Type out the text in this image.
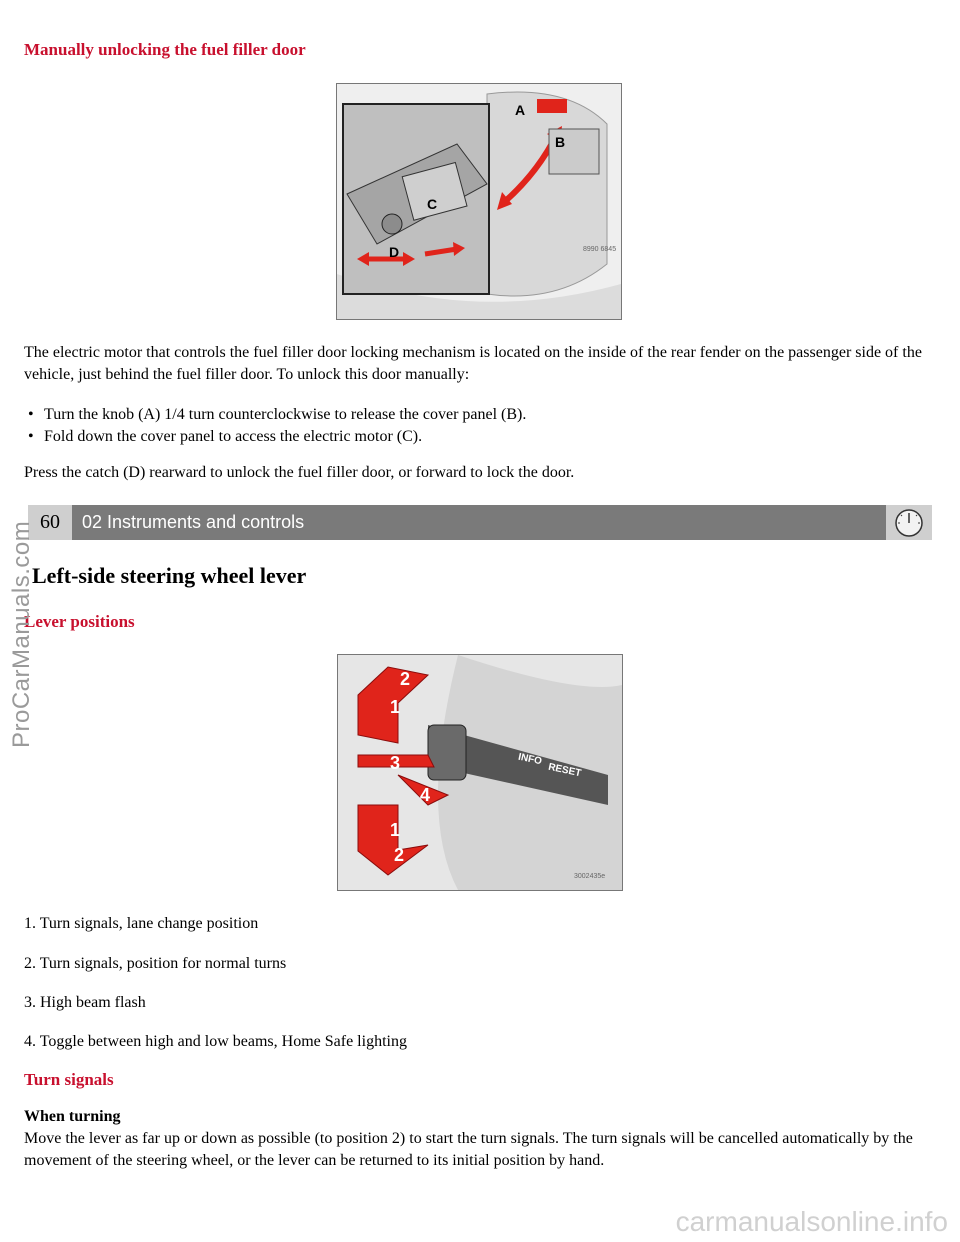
Manually unlocking the fuel filler door
A
B
C
D	8990 6845
The electric motor that controls the fuel filler door locking mechanism is located on the inside of the rear fender on the passenger side of the vehicle, just behind the fuel filler door. To unlock this door manually:
• Turn the knob (A) 1/4 turn counterclockwise to release the cover panel (B).
• Fold down the cover panel to access the electric motor (C).
Press the catch (D) rearward to unlock the fuel filler door, or forward to lock the door.
60	02 Instruments and controls
Left-side steering wheel lever
Lever positions
2
1
3
4
1
2
INFO
RESET
3002435e
1. Turn signals, lane change position
2. Turn signals, position for normal turns
3. High beam flash
4. Toggle between high and low beams, Home Safe lighting
Turn signals
When turning
Move the lever as far up or down as possible (to position 2) to start the turn signals. The turn signals will be cancelled automatically by the movement of the steering wheel, or the lever can be returned to its initial position by hand.
ProCarManuals.com
carmanualsonline.info
